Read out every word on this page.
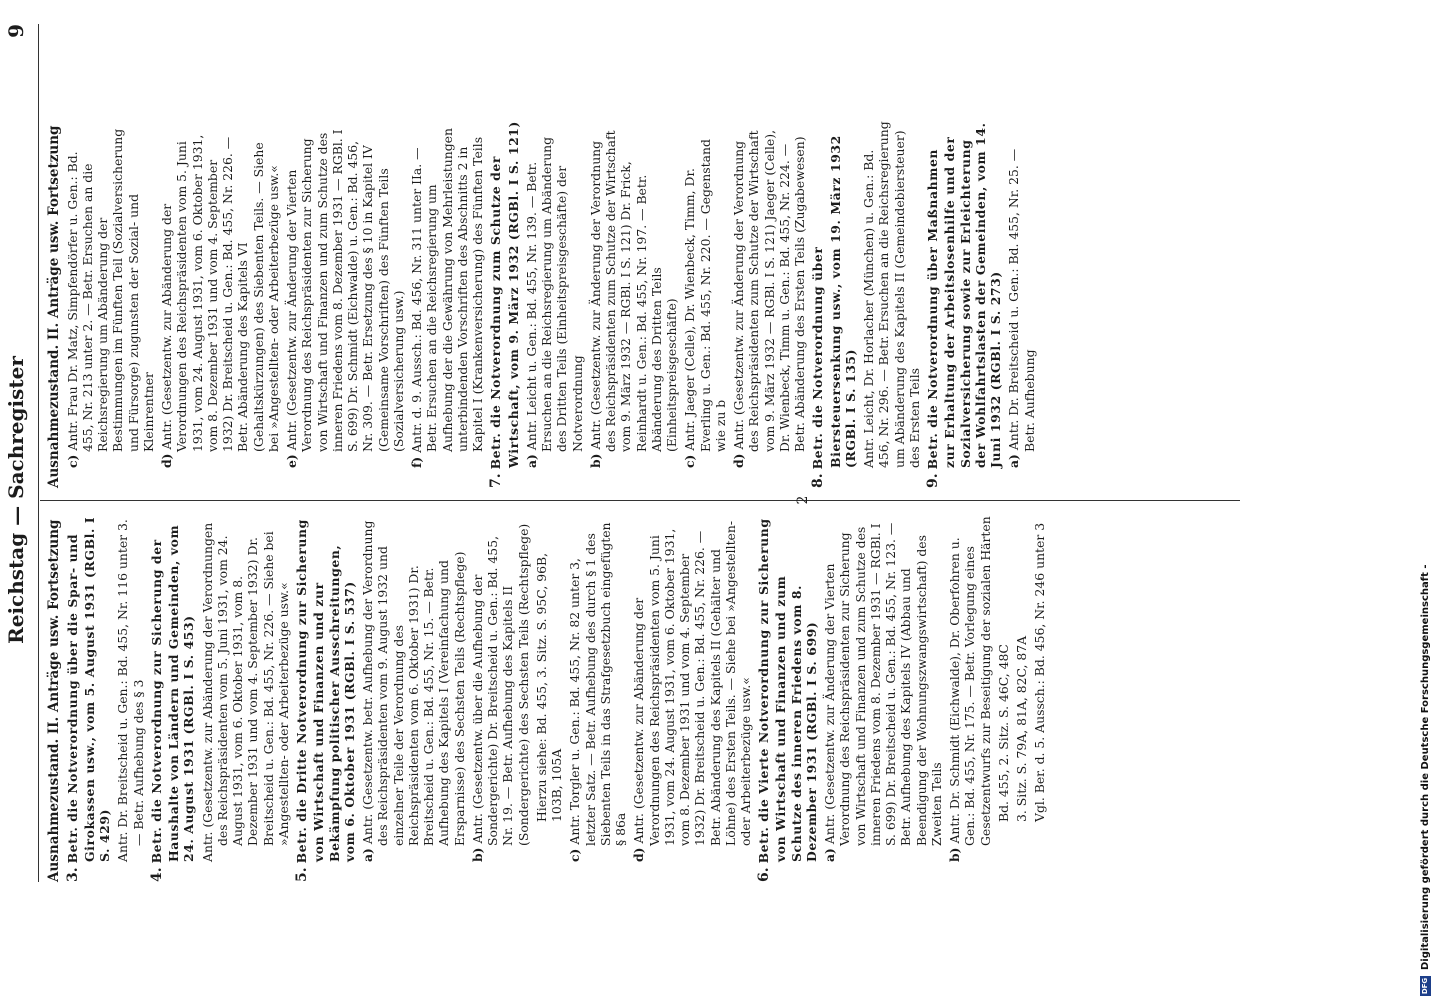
Reichstag — Sachregister
9
Ausnahmezustand. II. Anträge usw. Fortsetzung 3. Betr. die Notverordnung über die Spar- und Girokassen usw., vom 5. August 1931 (RGBl. I S. 429) Antr. Dr. Breitscheid u. Gen.: Bd. 455, Nr. 116 unter 3. — Betr. Aufhebung des § 3
4. Betr. die Notverordnung zur Sicherung der Haushalte von Ländern und Gemeinden, vom 24. August 1931 (RGBl. I S. 453) Antr. (Gesetzentw. zur Abänderung der Verordnungen des Reichspräsidenten vom 5. Juni 1931, vom 24. August 1931, vom 6. Oktober 1931, vom 8. Dezember 1931 und vom 4. September 1932) Dr. Breitscheid u. Gen.: Bd. 455, Nr. 226. — Siehe bei »Angestellten- oder Arbeiterbezüge usw.«
5. Betr. die Dritte Notverordnung zur Sicherung von Wirtschaft und Finanzen und zur Bekämpfung politischer Ausschreitungen, vom 6. Oktober 1931 (RGBl. I S. 537) a) Antr. (Gesetzentw. betr. Aufhebung der Verordnung des Reichspräsidenten vom 9. August 1932 und einzelner Teile der Verordnung des Reichspräsidenten vom 6. Oktober 1931) Dr. Breitscheid u. Gen.: Bd. 455, Nr. 15. — Betr. Aufhebung des Kapitels I (Vereinfachung und Ersparnisse) des Sechsten Teils (Rechtspflege)
b) Antr. (Gesetzentw. über die Aufhebung der Sondergerichte) Dr. Breitscheid u. Gen.: Bd. 455, Nr. 19. — Betr. Aufhebung des Kapitels II (Sondergerichte) des Sechsten Teils (Rechtspflege) Hierzu siehe: Bd. 455, 3. Sitz. S. 95C, 96B, 103B, 105A
c) Antr. Torgler u. Gen.: Bd. 455, Nr. 82 unter 3, letzter Satz. — Betr. Aufhebung des durch § 1 des Siebenten Teils in das Strafgesetzbuch eingefügten § 86a
d) Antr. (Gesetzentw. zur Abänderung der Verordnungen des Reichspräsidenten vom 5. Juni 1931, vom 24. August 1931, vom 6. Oktober 1931, vom 8. Dezember 1931 und vom 4. September 1932) Dr. Breitscheid u. Gen.: Bd. 455, Nr. 226. — Betr. Abänderung des Kapitels II (Gehälter und Löhne) des Ersten Teils. — Siehe bei »Angestellten- oder Arbeiterbezüge usw.«
6. Betr. die Vierte Notverordnung zur Sicherung von Wirtschaft und Finanzen und zum Schutze des inneren Friedens vom 8. Dezember 1931 (RGBl. I S. 699) a) Antr. (Gesetzentw. zur Änderung der Vierten Verordnung des Reichspräsidenten zur Sicherung von Wirtschaft und Finanzen und zum Schutze des inneren Friedens vom 8. Dezember 1931 — RGBl. I S. 699) Dr. Breitscheid u. Gen.: Bd. 455, Nr. 123. — Betr. Aufhebung des Kapitels IV (Abbau und Beendigung der Wohnungszwangswirtschaft) des Zweiten Teils
b) Antr. Dr. Schmidt (Eichwalde), Dr. Oberfohren u. Gen.: Bd. 455, Nr. 175. — Betr. Vorlegung eines Gesetzentwurfs zur Beseitigung der sozialen Härten Bd. 455, 2. Sitz. S. 46C, 48C 3. Sitz. S. 79A, 81A, 82C, 87A Vgl. Ber. d. 5. Aussch.: Bd. 456, Nr. 246 unter 3
Ausnahmezustand. II. Anträge usw. Fortsetzung c) Antr. Frau Dr. Matz, Simpfendörfer u. Gen.: Bd. 455, Nr. 213 unter 2. — Betr. Ersuchen an die Reichsregierung um Abänderung der Bestimmungen im Fünften Teil (Sozialversicherung und Fürsorge) zugunsten der Sozial- und Kleinrentner
d) Antr. (Gesetzentw. zur Abänderung der Verordnungen des Reichspräsidenten vom 5. Juni 1931, vom 24. August 1931, vom 6. Oktober 1931, vom 8. Dezember 1931 und vom 4. September 1932) Dr. Breitscheid u. Gen.: Bd. 455, Nr. 226. — Betr. Abänderung des Kapitels VI (Gehaltskürzungen) des Siebenten Teils. — Siehe bei »Angestellten- oder Arbeiterbezüge usw.«
e) Antr. (Gesetzentw. zur Änderung der Vierten Verordnung des Reichspräsidenten zur Sicherung von Wirtschaft und Finanzen und zum Schutze des inneren Friedens vom 8. Dezember 1931 — RGBl. I S. 699) Dr. Schmidt (Eichwalde) u. Gen.: Bd. 456, Nr. 309. — Betr. Ersetzung des § 10 in Kapitel IV (Gemeinsame Vorschriften) des Fünften Teils (Sozialversicherung usw.)
f) Antr. d. 9. Aussch.: Bd. 456, Nr. 311 unter IIa. — Betr. Ersuchen an die Reichsregierung um Aufhebung der die Gewährung von Mehrleistungen unterbindenden Vorschriften des Abschnitts 2 in Kapitel I (Krankenversicherung) des Fünften Teils
7. Betr. die Notverordnung zum Schutze der Wirtschaft, vom 9. März 1932 (RGBl. I S. 121) a) Antr. Leicht u. Gen.: Bd. 455, Nr. 139. — Betr. Ersuchen an die Reichsregierung um Abänderung des Dritten Teils (Einheitspreisgeschäfte) der Notverordnung
b) Antr. (Gesetzentw. zur Änderung der Verordnung des Reichspräsidenten zum Schutze der Wirtschaft vom 9. März 1932 — RGBl. I S. 121) Dr. Frick, Reinhardt u. Gen.: Bd. 455, Nr. 197. — Betr. Abänderung des Dritten Teils (Einheitspreisgeschäfte)
c) Antr. Jaeger (Celle), Dr. Wienbeck, Timm, Dr. Everling u. Gen.: Bd. 455, Nr. 220. — Gegenstand wie zu b
d) Antr. (Gesetzentw. zur Änderung der Verordnung des Reichspräsidenten zum Schutze der Wirtschaft vom 9. März 1932 — RGBl. I S. 121) Jaeger (Celle), Dr. Wienbeck, Timm u. Gen.: Bd. 455, Nr. 224. — Betr. Abänderung des Ersten Teils (Zugabewesen)
8. Betr. die Notverordnung über Biersteuersenkung usw., vom 19. März 1932 (RGBl. I S. 135) Antr. Leicht, Dr. Horlacher (München) u. Gen.: Bd. 456, Nr. 296. — Betr. Ersuchen an die Reichsregierung um Abänderung des Kapitels II (Gemeindebiersteuer) des Ersten Teils
9. Betr. die Notverordnung über Maßnahmen zur Erhaltung der Arbeitslosenhilfe und der Sozialversicherung sowie zur Erleichterung der Wohlfahrtslasten der Gemeinden, vom 14. Juni 1932 (RGBl. I S. 273) a) Antr. Dr. Breitscheid u. Gen.: Bd. 455, Nr. 25. — Betr. Aufhebung
2
DFG
Digitalisierung gefördert durch die Deutsche Forschungsgemeinschaft -
